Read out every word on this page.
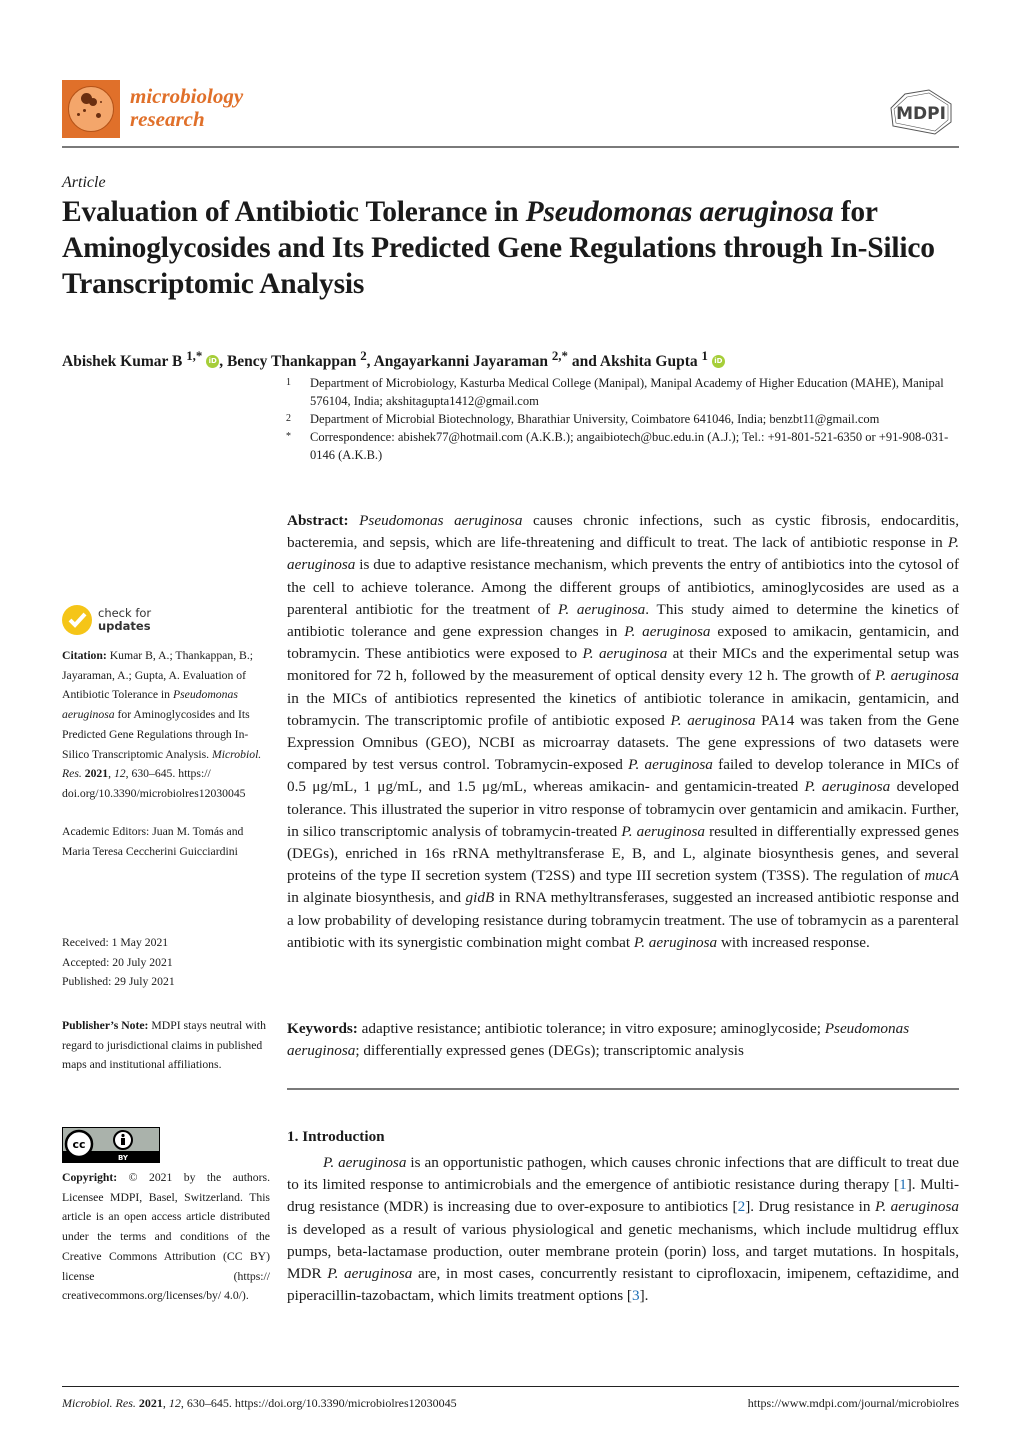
microbiology
research	MDPI
Article
Evaluation of Antibiotic Tolerance in Pseudomonas aeruginosa for Aminoglycosides and Its Predicted Gene Regulations through In-Silico Transcriptomic Analysis
Abishek Kumar B $^{1,*}$ iD , Bency Thankappan $^2$, Angayarkanni Jayaraman $^{2,*}$ and Akshita Gupta $^1$ iD
1	Department of Microbiology, Kasturba Medical College (Manipal), Manipal Academy of Higher Education (MAHE), Manipal 576104, India; akshitagupta1412@gmail.com
2	Department of Microbial Biotechnology, Bharathiar University, Coimbatore 641046, India; benzbt11@gmail.com
*	Correspondence: abishek77@hotmail.com (A.K.B.); angaibiotech@buc.edu.in (A.J.); Tel.: +91-801-521-6350 or +91-908-031-0146 (A.K.B.)
check for
updates
Citation: Kumar B, A.; Thankappan, B.; Jayaraman, A.; Gupta, A. Evaluation of Antibiotic Tolerance in Pseudomonas aeruginosa for Aminoglycosides and Its Predicted Gene Regulations through In-Silico Transcriptomic Analysis. Microbiol. Res. 2021, 12, 630–645. https:// doi.org/10.3390/microbiolres12030045
Academic Editors: Juan M. Tomás and Maria Teresa Ceccherini Guicciardini
Received: 1 May 2021
Accepted: 20 July 2021
Published: 29 July 2021
Publisher’s Note: MDPI stays neutral with regard to jurisdictional claims in published maps and institutional affiliations.
cc
BY
Copyright: © 2021 by the authors. Licensee MDPI, Basel, Switzerland. This article is an open access article distributed under the terms and conditions of the Creative Commons Attribution (CC BY) license (https:// creativecommons.org/licenses/by/ 4.0/).
Abstract: Pseudomonas aeruginosa causes chronic infections, such as cystic fibrosis, endocarditis, bacteremia, and sepsis, which are life-threatening and difficult to treat. The lack of antibiotic response in P. aeruginosa is due to adaptive resistance mechanism, which prevents the entry of antibiotics into the cytosol of the cell to achieve tolerance. Among the different groups of antibiotics, aminoglycosides are used as a parenteral antibiotic for the treatment of P. aeruginosa. This study aimed to determine the kinetics of antibiotic tolerance and gene expression changes in P. aeruginosa exposed to amikacin, gentamicin, and tobramycin. These antibiotics were exposed to P. aeruginosa at their MICs and the experimental setup was monitored for 72 h, followed by the measurement of optical density every 12 h. The growth of P. aeruginosa in the MICs of antibiotics represented the kinetics of antibiotic tolerance in amikacin, gentamicin, and tobramycin. The transcriptomic profile of antibiotic exposed P. aeruginosa PA14 was taken from the Gene Expression Omnibus (GEO), NCBI as microarray datasets. The gene expressions of two datasets were compared by test versus control. Tobramycin-exposed P. aeruginosa failed to develop tolerance in MICs of 0.5 μg/mL, 1 μg/mL, and 1.5 μg/mL, whereas amikacin- and gentamicin-treated P. aeruginosa developed tolerance. This illustrated the superior in vitro response of tobramycin over gentamicin and amikacin. Further, in silico transcriptomic analysis of tobramycin-treated P. aeruginosa resulted in differentially expressed genes (DEGs), enriched in 16s rRNA methyltransferase E, B, and L, alginate biosynthesis genes, and several proteins of the type II secretion system (T2SS) and type III secretion system (T3SS). The regulation of mucA in alginate biosynthesis, and gidB in RNA methyltransferases, suggested an increased antibiotic response and a low probability of developing resistance during tobramycin treatment. The use of tobramycin as a parenteral antibiotic with its synergistic combination might combat P. aeruginosa with increased response.
Keywords: adaptive resistance; antibiotic tolerance; in vitro exposure; aminoglycoside; Pseudomonas aeruginosa; differentially expressed genes (DEGs); transcriptomic analysis
1. Introduction
P. aeruginosa is an opportunistic pathogen, which causes chronic infections that are difficult to treat due to its limited response to antimicrobials and the emergence of antibiotic resistance during therapy [1]. Multi-drug resistance (MDR) is increasing due to over-exposure to antibiotics [2]. Drug resistance in P. aeruginosa is developed as a result of various physiological and genetic mechanisms, which include multidrug efflux pumps, beta-lactamase production, outer membrane protein (porin) loss, and target mutations. In hospitals, MDR P. aeruginosa are, in most cases, concurrently resistant to ciprofloxacin, imipenem, ceftazidime, and piperacillin-tazobactam, which limits treatment options [3].
Microbiol. Res. 2021, 12, 630–645. https://doi.org/10.3390/microbiolres12030045	https://www.mdpi.com/journal/microbiolres
